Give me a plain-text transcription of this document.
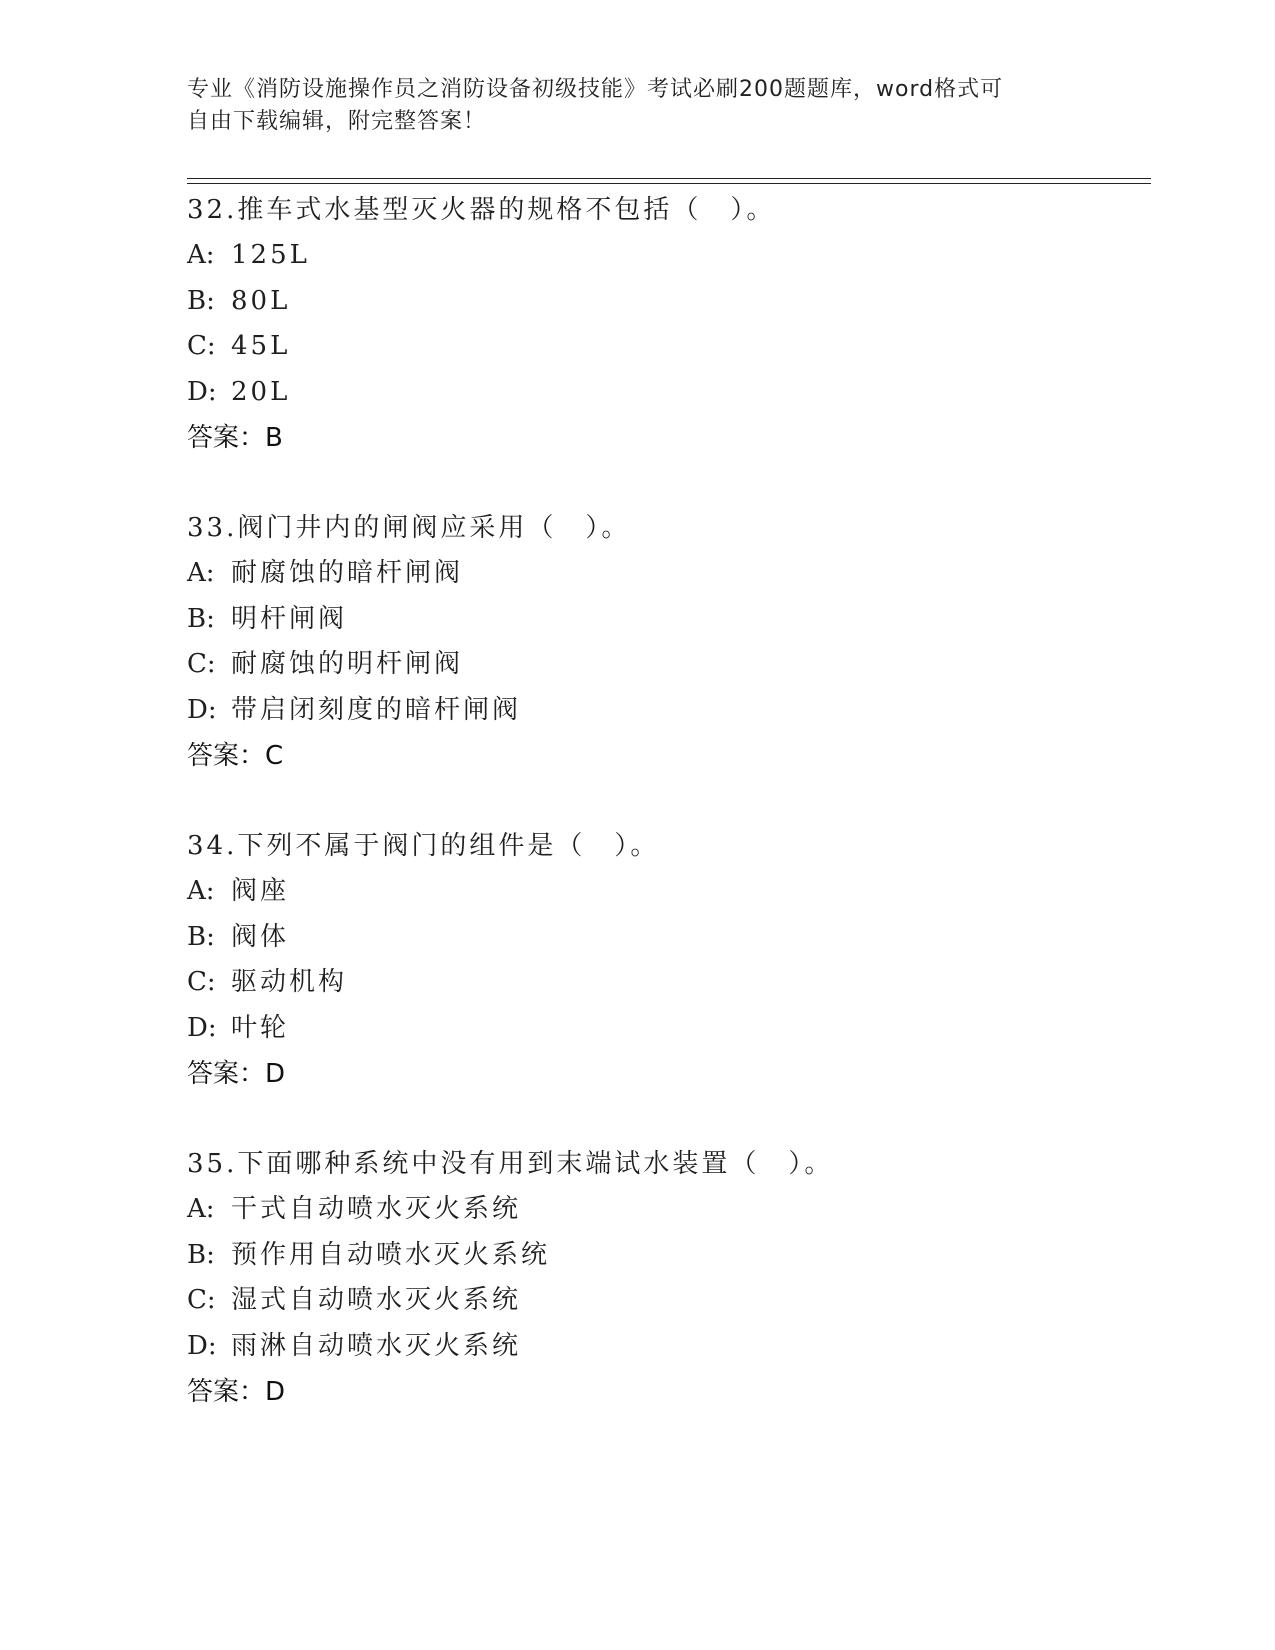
专业《消防设施操作员之消防设备初级技能》考试必刷200题题库，word格式可
自由下载编辑，附完整答案！
32.推车式水基型灭火器的规格不包括（　）。
A: 125L
B: 80L
C: 45L
D: 20L
答案：B
33.阀门井内的闸阀应采用（　）。
A: 耐腐蚀的暗杆闸阀
B: 明杆闸阀
C: 耐腐蚀的明杆闸阀
D: 带启闭刻度的暗杆闸阀
答案：C
34.下列不属于阀门的组件是（　）。
A: 阀座
B: 阀体
C: 驱动机构
D: 叶轮
答案：D
35.下面哪种系统中没有用到末端试水装置（　）。
A: 干式自动喷水灭火系统
B: 预作用自动喷水灭火系统
C: 湿式自动喷水灭火系统
D: 雨淋自动喷水灭火系统
答案：D
